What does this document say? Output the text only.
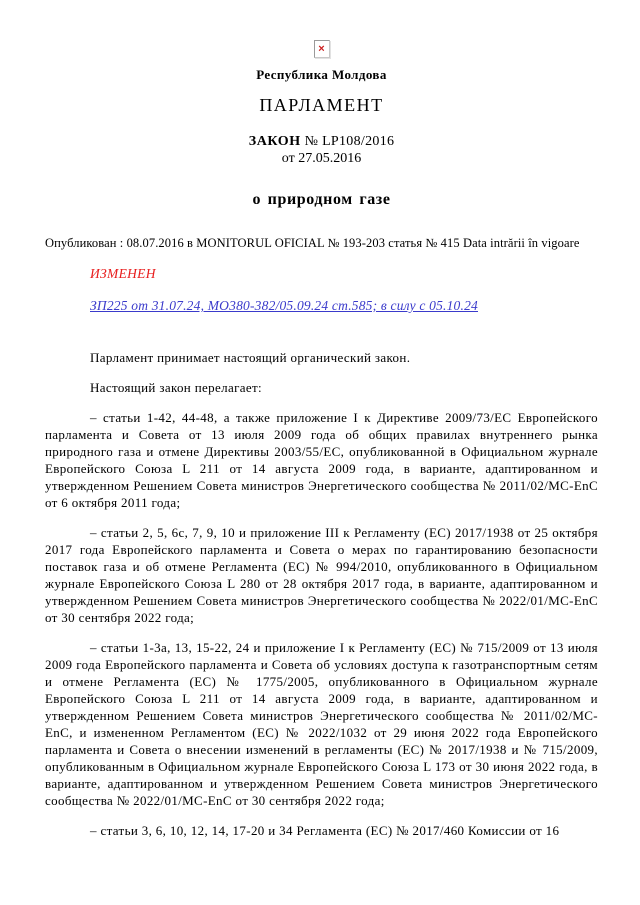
×
Республика Молдова
ПАРЛАМЕНТ
ЗАКОН № LP108/2016
от 27.05.2016
о природном газе

Опубликован : 08.07.2016 в MONITORUL OFICIAL № 193-203 статья № 415 Data intrării în vigoare

ИЗМЕНЕН

ЗП225 от 31.07.24, МО380-382/05.09.24 ст.585; в силу с 05.10.24

Парламент принимает настоящий органический закон.

Настоящий закон перелагает:

– статьи 1-42, 44-48, а также приложение I к Директиве 2009/73/ЕС Европейского парламента и Совета от 13 июля 2009 года об общих правилах внутреннего рынка природного газа и отмене Директивы 2003/55/ЕС, опубликованной в Официальном журнале Европейского Союза L 211 от 14 августа 2009 года, в варианте, адаптированном и утвержденном Решением Совета министров Энергетического сообщества № 2011/02/MC-EnC от 6 октября 2011 года;

– статьи 2, 5, 6с, 7, 9, 10 и приложение III к Регламенту (ЕС) 2017/1938 от 25 октября 2017 года Европейского парламента и Совета о мерах по гарантированию безопасности поставок газа и об отмене Регламента (ЕС) № 994/2010, опубликованного в Официальном журнале Европейского Союза L 280 от 28 октября 2017 года, в варианте, адаптированном и утвержденном Решением Совета министров Энергетического сообщества № 2022/01/MC-EnC от 30 сентября 2022 года;

– статьи 1-3а, 13, 15-22, 24 и приложение I к Регламенту (ЕС) № 715/2009 от 13 июля 2009 года Европейского парламента и Совета об условиях доступа к газотранспортным сетям и отмене Регламента (ЕС) № 1775/2005, опубликованного в Официальном журнале Европейского Союза L 211 от 14 августа 2009 года, в варианте, адаптированном и утвержденном Решением Совета министров Энергетического сообщества № 2011/02/MC-EnC, и измененном Регламентом (ЕС) № 2022/1032 от 29 июня 2022 года Европейского парламента и Совета о внесении изменений в регламенты (ЕС) № 2017/1938 и № 715/2009, опубликованным в Официальном журнале Европейского Союза L 173 от 30 июня 2022 года, в варианте, адаптированном и утвержденном Решением Совета министров Энергетического сообщества № 2022/01/MC-EnC от 30 сентября 2022 года;

– статьи 3, 6, 10, 12, 14, 17-20 и 34 Регламента (ЕС) № 2017/460 Комиссии от 16
